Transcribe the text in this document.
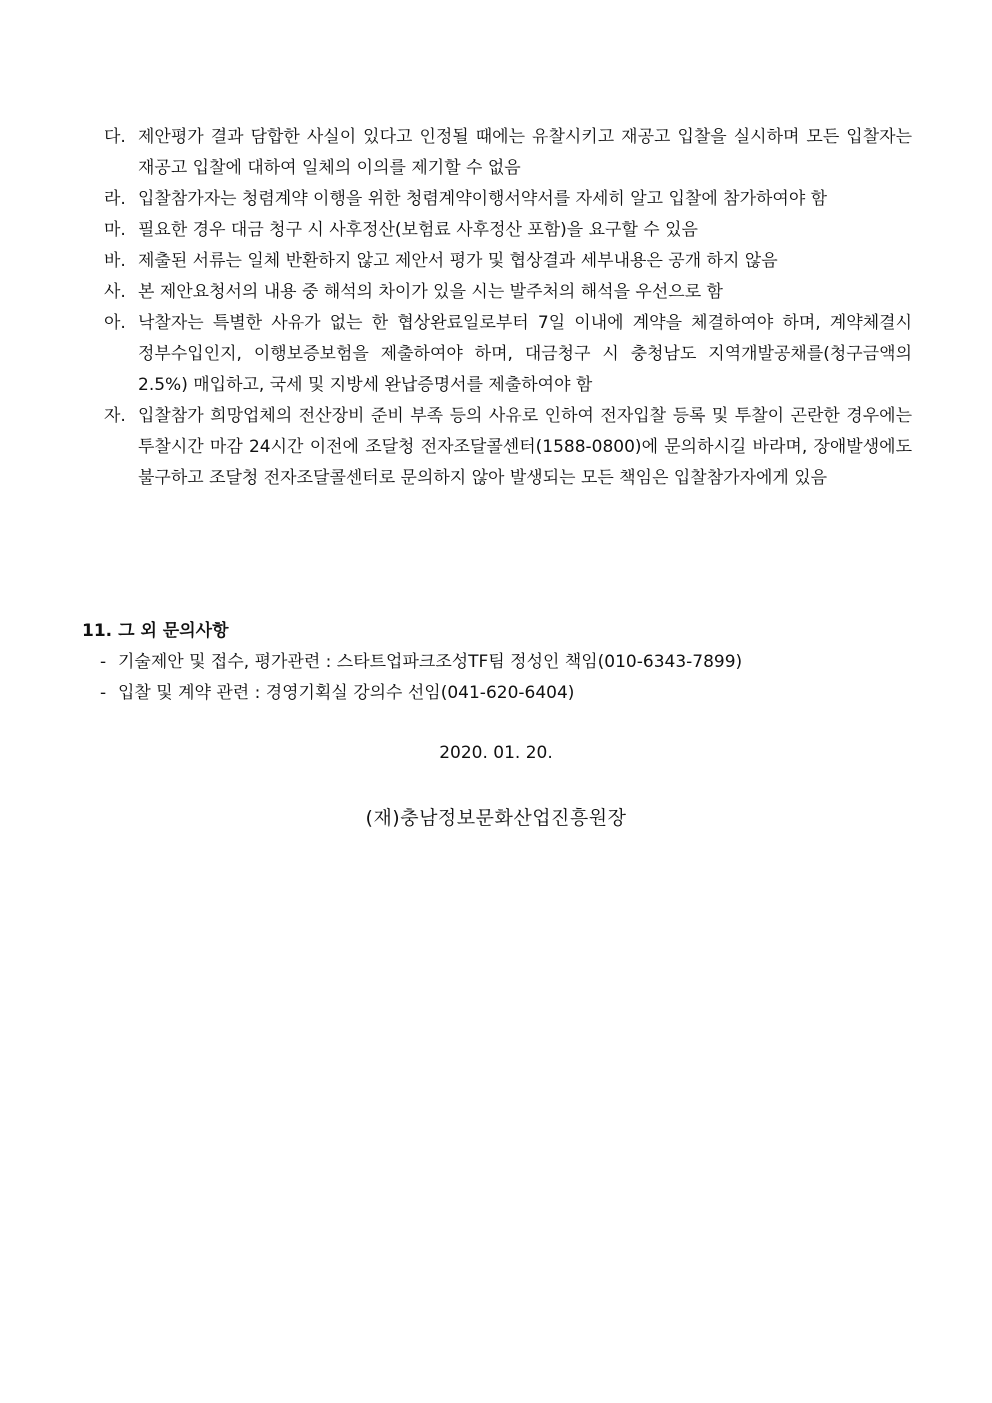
다. 제안평가 결과 담합한 사실이 있다고 인정될 때에는 유찰시키고 재공고 입찰을 실시하며 모든 입찰자는 재공고 입찰에 대하여 일체의 이의를 제기할 수 없음
라. 입찰참가자는 청렴계약 이행을 위한 청렴계약이행서약서를 자세히 알고 입찰에 참가하여야 함
마. 필요한 경우 대금 청구 시 사후정산(보험료 사후정산 포함)을 요구할 수 있음
바. 제출된 서류는 일체 반환하지 않고 제안서 평가 및 협상결과 세부내용은 공개 하지 않음
사. 본 제안요청서의 내용 중 해석의 차이가 있을 시는 발주처의 해석을 우선으로 함
아. 낙찰자는 특별한 사유가 없는 한 협상완료일로부터 7일 이내에 계약을 체결하여야 하며, 계약체결시 정부수입인지, 이행보증보험을 제출하여야 하며, 대금청구 시 충청남도 지역개발공채를(청구금액의 2.5%) 매입하고, 국세 및 지방세 완납증명서를 제출하여야 함
자. 입찰참가 희망업체의 전산장비 준비 부족 등의 사유로 인하여 전자입찰 등록 및 투찰이 곤란한 경우에는 투찰시간 마감 24시간 이전에 조달청 전자조달콜센터(1588-0800)에 문의하시길 바라며, 장애발생에도 불구하고 조달청 전자조달콜센터로 문의하지 않아 발생되는 모든 책임은 입찰참가자에게 있음
11. 그 외 문의사항
- 기술제안 및 접수, 평가관련 : 스타트업파크조성TF팀 정성인 책임(010-6343-7899)
- 입찰 및 계약 관련 : 경영기획실 강의수 선임(041-620-6404)
2020. 01. 20.
(재)충남정보문화산업진흥원장
